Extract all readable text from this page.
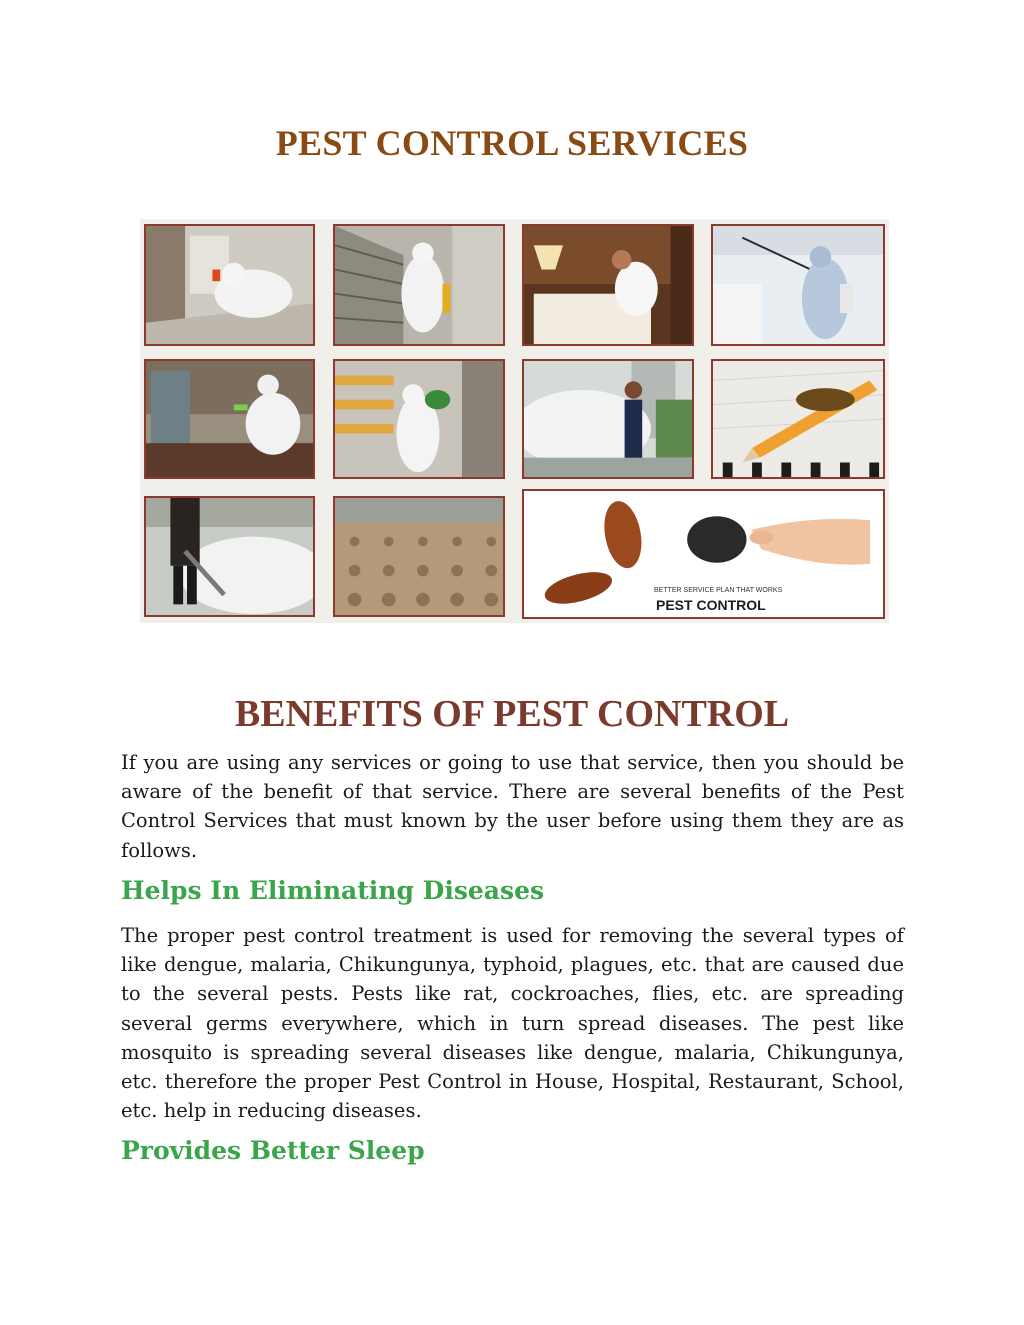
PEST CONTROL SERVICES
BETTER SERVICE PLAN THAT WORKS
PEST CONTROL
BENEFITS OF PEST CONTROL

If you are using any services or going to use that service, then you should be aware of the benefit of that service. There are several benefits of the Pest Control Services that must known by the user before using them they are as follows.

Helps In Eliminating Diseases

The proper pest control treatment is used for removing the several types of like dengue, malaria, Chikungunya, typhoid, plagues, etc. that are caused due to the several pests. Pests like rat, cockroaches, flies, etc. are spreading several germs everywhere, which in turn spread diseases. The pest like mosquito is spreading several diseases like dengue, malaria, Chikungunya, etc. therefore the proper Pest Control in House, Hospital, Restaurant, School, etc. help in reducing diseases.

Provides Better Sleep
